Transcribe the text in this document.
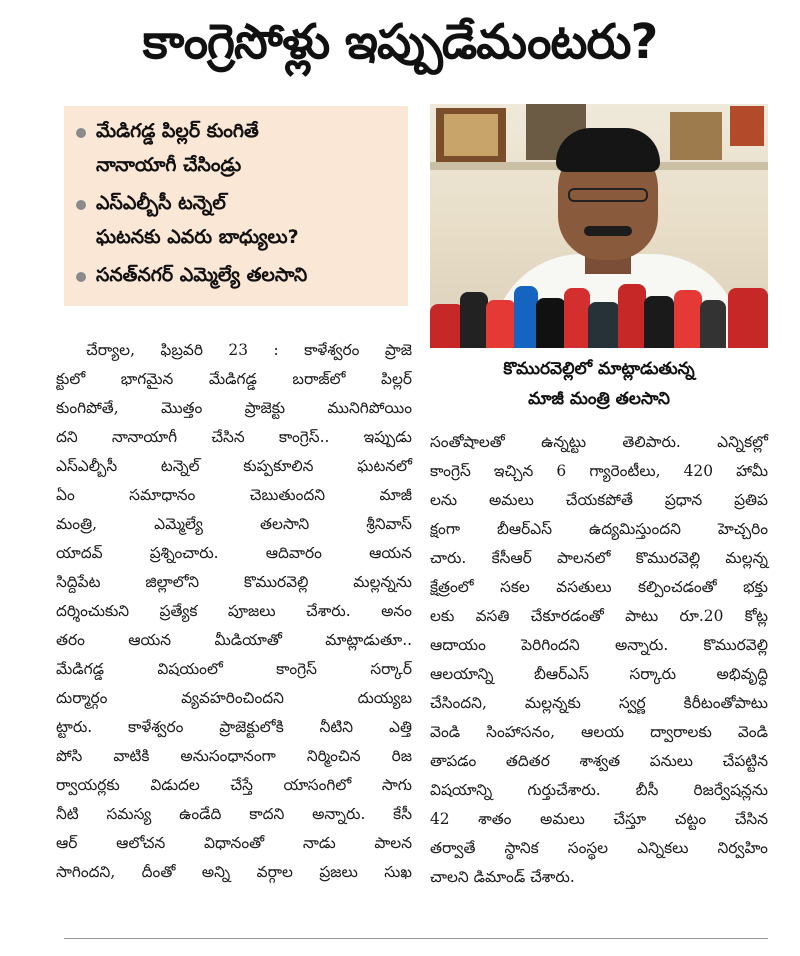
కాంగ్రెసోళ్లు ఇప్పుడేమంటరు?
మేడిగడ్డ పిల్లర్ కుంగితే
నానాయాగీ చేసిండ్రు
ఎస్ఎల్బీసీ టన్నెల్
ఘటనకు ఎవరు బాధ్యులు?
సనత్‌నగర్ ఎమ్మెల్యే తలసాని
కొమురవెల్లిలో మాట్లాడుతున్న
మాజీ మంత్రి తలసాని
చేర్యాల, ఫిబ్రవరి 23 : కాళేశ్వరం ప్రాజె
క్టులో భాగమైన మేడిగడ్డ బరాజ్‌లో పిల్లర్
కుంగిపోతే, మొత్తం ప్రాజెక్టు మునిగిపోయిం
దని నానాయాగీ చేసిన కాంగ్రెస్.. ఇప్పుడు
ఎస్ఎల్బీసీ టన్నెల్ కుప్పకూలిన ఘటనలో
ఏం సమాధానం చెబుతుందని మాజీ
మంత్రి, ఎమ్మెల్యే తలసాని శ్రీనివాస్
యాదవ్ ప్రశ్నించారు. ఆదివారం ఆయన
సిద్దిపేట జిల్లాలోని కొమురవెల్లి మల్లన్నను
దర్శించుకుని ప్రత్యేక పూజలు చేశారు. అనం
తరం ఆయన మీడియాతో మాట్లాడుతూ..
మేడిగడ్డ విషయంలో కాంగ్రెస్ సర్కార్
దుర్మార్గం వ్యవహరించిందని దుయ్యబ
ట్టారు. కాళేశ్వరం ప్రాజెక్టులోకి నీటిని ఎత్తి
పోసి వాటికి అనుసంధానంగా నిర్మించిన రిజ
ర్వాయర్లకు విడుదల చేస్తే యాసంగిలో సాగు
నీటి సమస్య ఉండేది కాదని అన్నారు. కేసీ
ఆర్ ఆలోచన విధానంతో నాడు పాలన
సాగిందని, దీంతో అన్ని వర్గాల ప్రజలు సుఖ
సంతోషాలతో ఉన్నట్టు తెలిపారు. ఎన్నికల్లో
కాంగ్రెస్ ఇచ్చిన 6 గ్యారెంటీలు, 420 హామీ
లను అమలు చేయకపోతే ప్రధాన ప్రతిప
క్షంగా బీఆర్ఎస్ ఉద్యమిస్తుందని హెచ్చరిం
చారు. కేసీఆర్ పాలనలో కొమురవెల్లి మల్లన్న
క్షేత్రంలో సకల వసతులు కల్పించడంతో భక్తు
లకు వసతి చేకూరడంతో పాటు రూ.20 కోట్ల
ఆదాయం పెరిగిందని అన్నారు. కొమురవెల్లి
ఆలయాన్ని బీఆర్ఎస్ సర్కారు అభివృద్ధి
చేసిందని, మల్లన్నకు స్వర్ణ కిరీటంతోపాటు
వెండి సింహాసనం, ఆలయ ద్వారాలకు వెండి
తాపడం తదితర శాశ్వత పనులు చేపట్టిన
విషయాన్ని గుర్తుచేశారు. బీసీ రిజర్వేషన్లను
42 శాతం అమలు చేస్తూ చట్టం చేసిన
తర్వాతే స్థానిక సంస్థల ఎన్నికలు నిర్వహిం
చాలని డిమాండ్ చేశారు.
